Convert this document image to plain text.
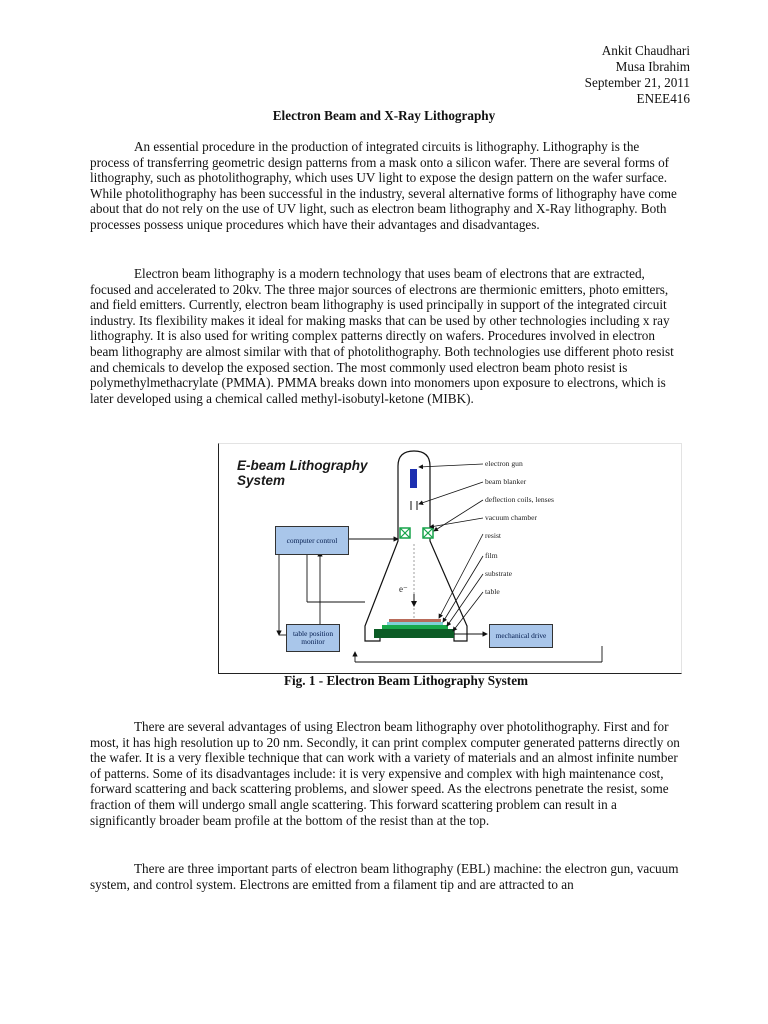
Ankit Chaudhari
Musa Ibrahim
September 21, 2011
ENEE416
Electron Beam and X-Ray Lithography

An essential procedure in the production of integrated circuits is lithography. Lithography is the process of transferring geometric design patterns from a mask onto a silicon wafer. There are several forms of lithography, such as photolithography, which uses UV light to expose the design pattern on the wafer surface. While photolithography has been successful in the industry, several alternative forms of lithography have come about that do not rely on the use of UV light, such as electron beam lithography and X-Ray lithography. Both processes possess unique procedures which have their advantages and disadvantages.

Electron beam lithography is a modern technology that uses beam of electrons that are extracted, focused and accelerated to 20kv. The three major sources of electrons are thermionic emitters, photo emitters, and field emitters. Currently, electron beam lithography is used principally in support of the integrated circuit industry. Its flexibility makes it ideal for making masks that can be used by other technologies including x ray lithography. It is also used for writing complex patterns directly on wafers. Procedures involved in electron beam lithography are almost similar with that of photolithography. Both technologies use different photo resist and chemicals to develop the exposed section. The most commonly used electron beam photo resist is polymethylmethacrylate (PMMA). PMMA breaks down into monomers upon exposure to electrons, which is later developed using a chemical called methyl-isobutyl-ketone (MIBK).

E-beam Lithography
System
electron gun
beam blanker
deflection coils, lenses
vacuum chamber
resist
film
substrate
table
e⁻
computer control
table position monitor
mechanical drive
Fig. 1 - Electron Beam Lithography System

There are several advantages of using Electron beam lithography over photolithography. First and for most, it has high resolution up to 20 nm. Secondly, it can print complex computer generated patterns directly on the wafer. It is a very flexible technique that can work with a variety of materials and an almost infinite number of patterns. Some of its disadvantages include: it is very expensive and complex with high maintenance cost, forward scattering and back scattering problems, and slower speed. As the electrons penetrate the resist, some fraction of them will undergo small angle scattering. This forward scattering problem can result in a significantly broader beam profile at the bottom of the resist than at the top.

There are three important parts of electron beam lithography (EBL) machine: the electron gun, vacuum system, and control system. Electrons are emitted from a filament tip and are attracted to an
